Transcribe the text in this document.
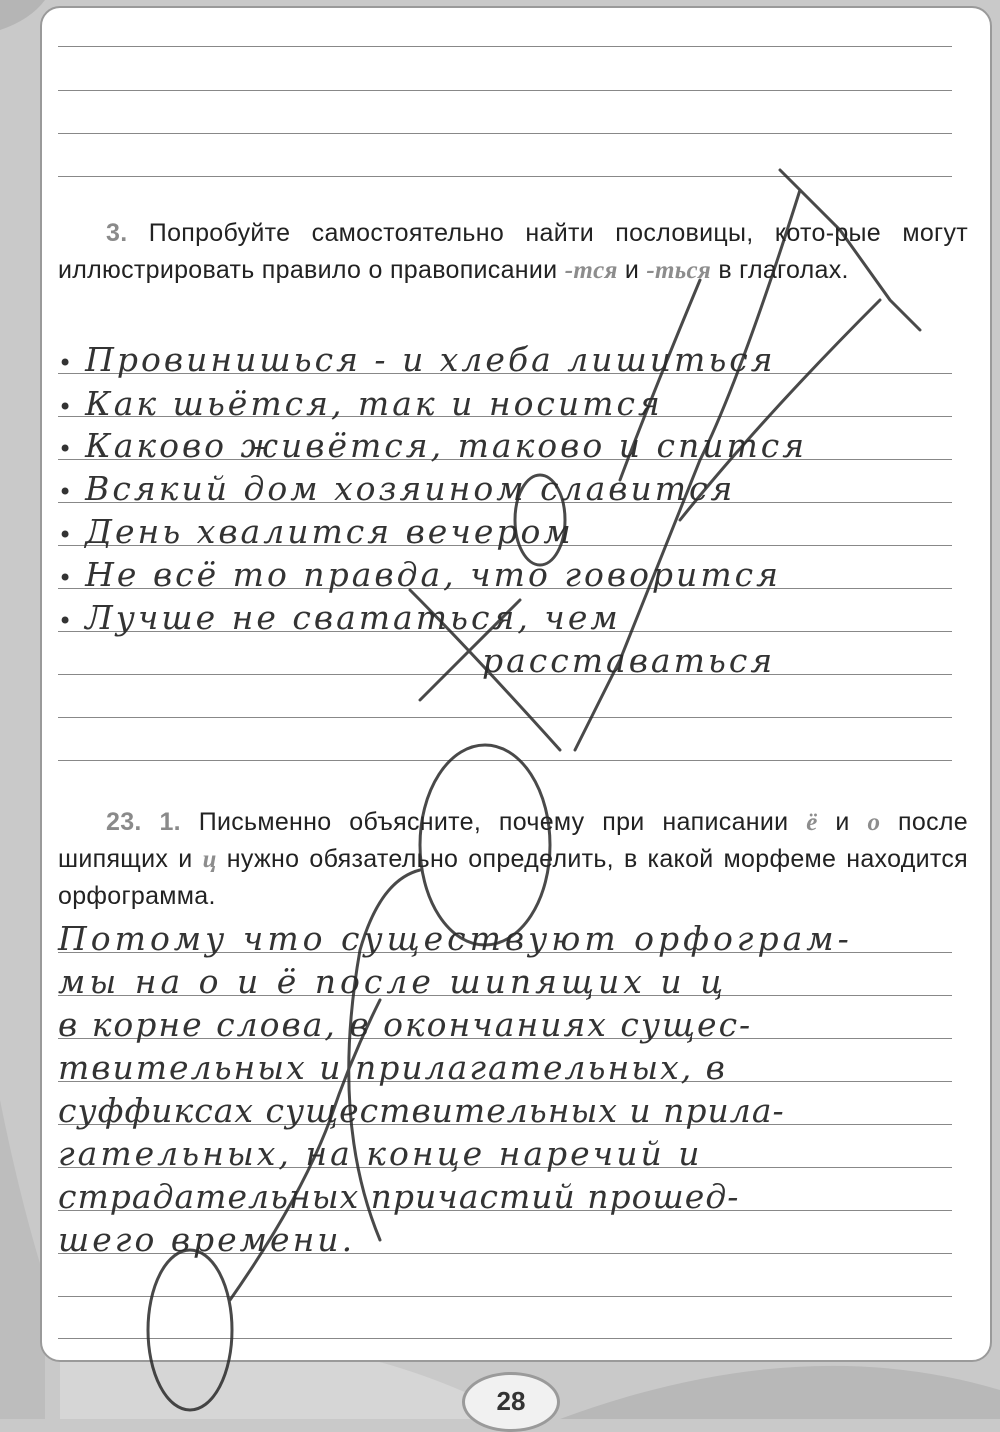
3. Попробуйте самостоятельно найти пословицы, кото-рые могут иллюстрировать правило о правописании -тся и -ться в глаголах.
• Провинишься - и хлеба лишиться
• Как шьётся, так и носится
• Каково живётся, таково и спится
• Всякий дом хозяином славится
• День хвалится вечером
• Не всё то правда, что говорится
• Лучше не свататься, чем
расставаться
23. 1. Письменно объясните, почему при написании ё и о после шипящих и ц нужно обязательно определить, в какой морфеме находится орфограмма.
Потому что существуют орфограм-
мы на о и ё после шипящих и ц
в корне слова, в окончаниях сущес-
твительных и прилагательных, в
суффиксах существительных и прила-
гательных, на конце наречий и
страдательных причастий прошед-
шего времени.
28
